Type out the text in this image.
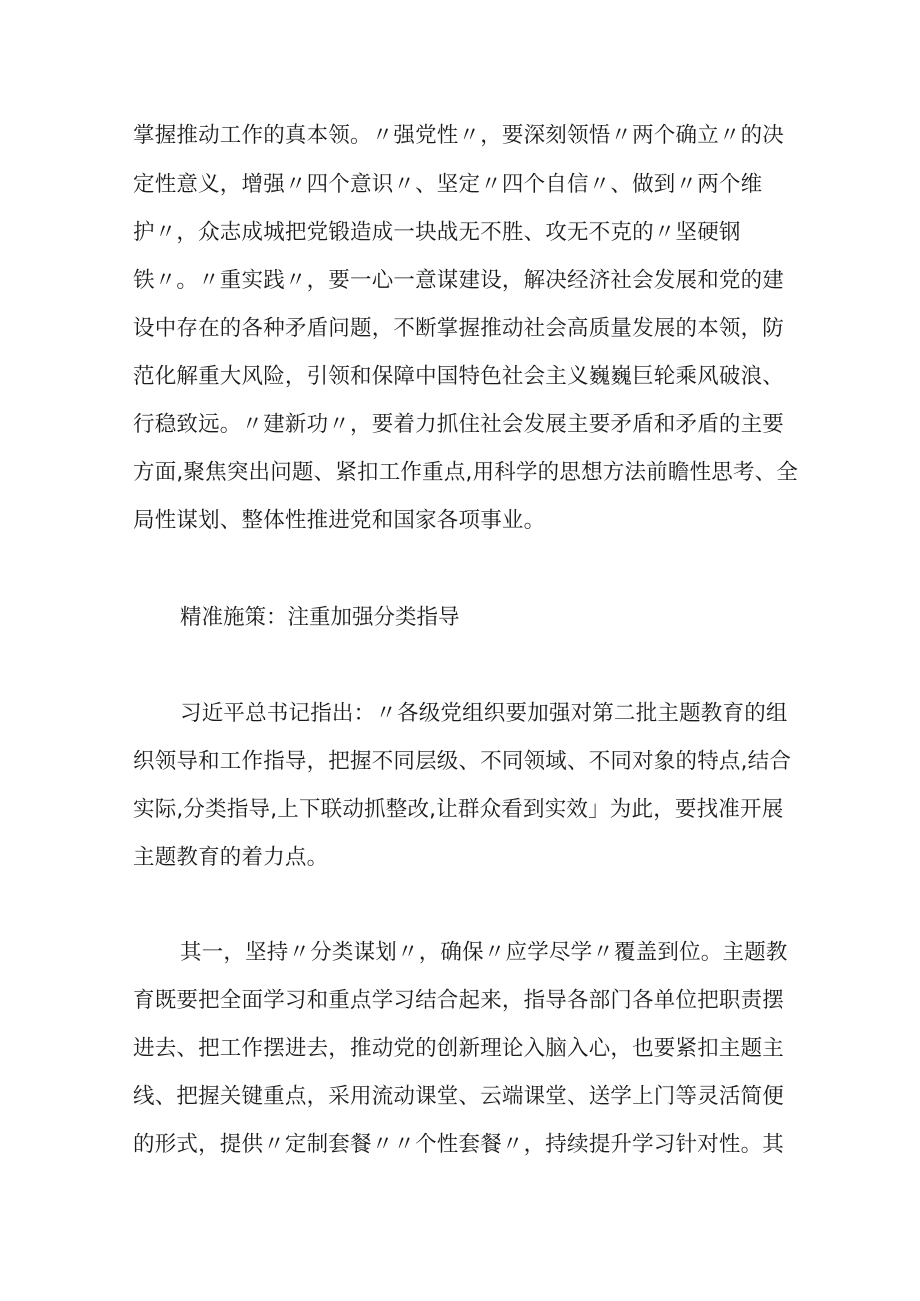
掌握推动工作的真本领。〃强党性〃，要深刻领悟〃两个确立〃的决
定性意义，增强〃四个意识〃、坚定〃四个自信〃、做到〃两个维
护〃，众志成城把党锻造成一块战无不胜、攻无不克的〃坚硬钢
铁〃。〃重实践〃，要一心一意谋建设，解决经济社会发展和党的建
设中存在的各种矛盾问题，不断掌握推动社会高质量发展的本领，防
范化解重大风险，引领和保障中国特色社会主义巍巍巨轮乘风破浪、
行稳致远。〃建新功〃，要着力抓住社会发展主要矛盾和矛盾的主要
方面,聚焦突出问题、紧扣工作重点,用科学的思想方法前瞻性思考、全
局性谋划、整体性推进党和国家各项事业。
精准施策：注重加强分类指导
习近平总书记指出：〃各级党组织要加强对第二批主题教育的组
织领导和工作指导，把握不同层级、不同领域、不同对象的特点,结合
实际,分类指导,上下联动抓整改,让群众看到实效」为此，要找准开展
主题教育的着力点。
其一，坚持〃分类谋划〃，确保〃应学尽学〃覆盖到位。主题教
育既要把全面学习和重点学习结合起来，指导各部门各单位把职责摆
进去、把工作摆进去，推动党的创新理论入脑入心，也要紧扣主题主
线、把握关键重点，采用流动课堂、云端课堂、送学上门等灵活简便
的形式，提供〃定制套餐〃〃个性套餐〃，持续提升学习针对性。其
